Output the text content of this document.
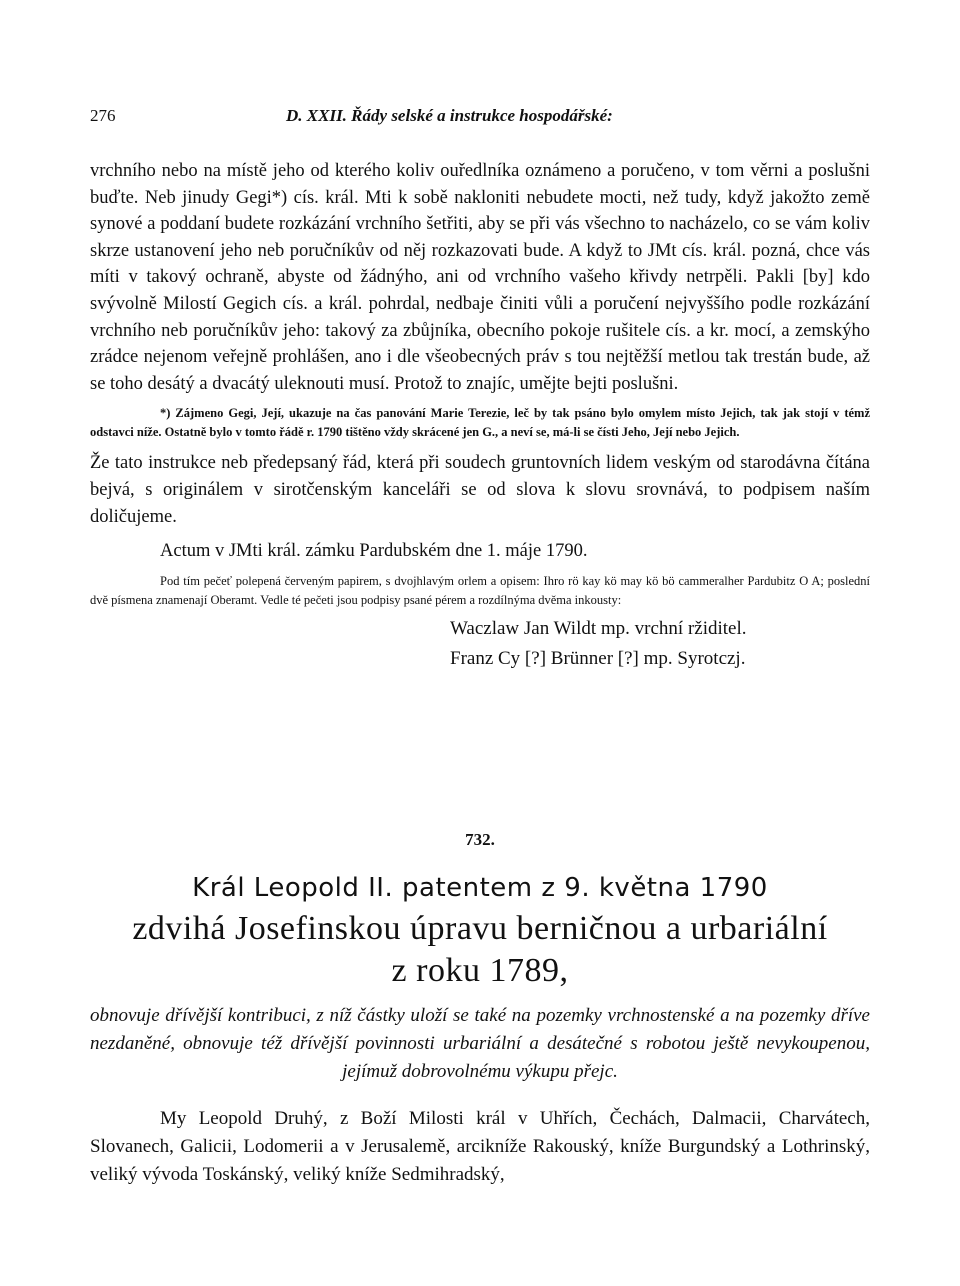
276	D. XXII. Řády selské a instrukce hospodářské:

vrchního nebo na místě jeho od kterého koliv ouředlníka oznámeno a poručeno, v tom věrni a poslušni buďte. Neb jinudy Gegi*) cís. král. Mti k sobě nakloniti nebudete mocti, než tudy, když jakožto země synové a poddaní budete rozkázání vrchního šetřiti, aby se při vás všechno to nacházelo, co se vám koliv skrze ustanovení jeho neb poručníkův od něj rozkazovati bude. A když to JMt cís. král. pozná, chce vás míti v takový ochraně, abyste od žádnýho, ani od vrchního vašeho křivdy netrpěli. Pakli [by] kdo svývolně Milostí Gegich cís. a král. pohrdal, nedbaje činiti vůli a poručení nejvyššího podle rozkázání vrchního neb poručníkův jeho: takový za zbůjníka, obecního pokoje rušitele cís. a kr. mocí, a zemskýho zrádce nejenom veřejně prohlášen, ano i dle všeobecných práv s tou nejtěžší metlou tak trestán bude, až se toho desátý a dvacátý uleknouti musí. Protož to znajíc, umějte bejti poslušni.

*) Zájmeno Gegi, Její, ukazuje na čas panování Marie Terezie, leč by tak psáno bylo omylem místo Jejich, tak jak stojí v témž odstavci níže. Ostatně bylo v tomto řádě r. 1790 tištěno vždy skrácené jen G., a neví se, má-li se čísti Jeho, Její nebo Jejich.

Že tato instrukce neb předepsaný řád, která při soudech gruntovních lidem veským od starodávna čítána bejvá, s originálem v sirotčenským kanceláři se od slova k slovu srovnává, to podpisem naším doličujeme.

Actum v JMti král. zámku Pardubském dne 1. máje 1790.

Pod tím pečeť polepená červeným papirem, s dvojhlavým orlem a opisem: Ihro rö kay kö may kö bö cammeralher Pardubitz O A; poslední dvě písmena znamenají Oberamt. Vedle té pečeti jsou podpisy psané pérem a rozdílnýma dvěma inkousty:

Waczlaw Jan Wildt mp. vrchní ržiditel.
Franz Cy [?] Brünner [?] mp. Syrotczj.
732.
Král Leopold II. patentem z 9. května 1790
zdvihá Josefinskou úpravu berničnou a urbariální
z roku 1789,

obnovuje dřívější kontribuci, z níž částky uloží se také na pozemky vrchnostenské a na pozemky dříve nezdaněné, obnovuje též dřívější povinnosti urbariální a desátečné s robotou ještě nevykoupenou, jejímuž dobrovolnému výkupu přejc.

My Leopold Druhý, z Boží Milosti král v Uhřích, Čechách, Dalmacii, Charvátech, Slovanech, Galicii, Lodomerii a v Jerusalemě, arcikníže Rakouský, kníže Burgundský a Lothrinský, veliký vývoda Toskánský, veliký kníže Sedmihradský,
